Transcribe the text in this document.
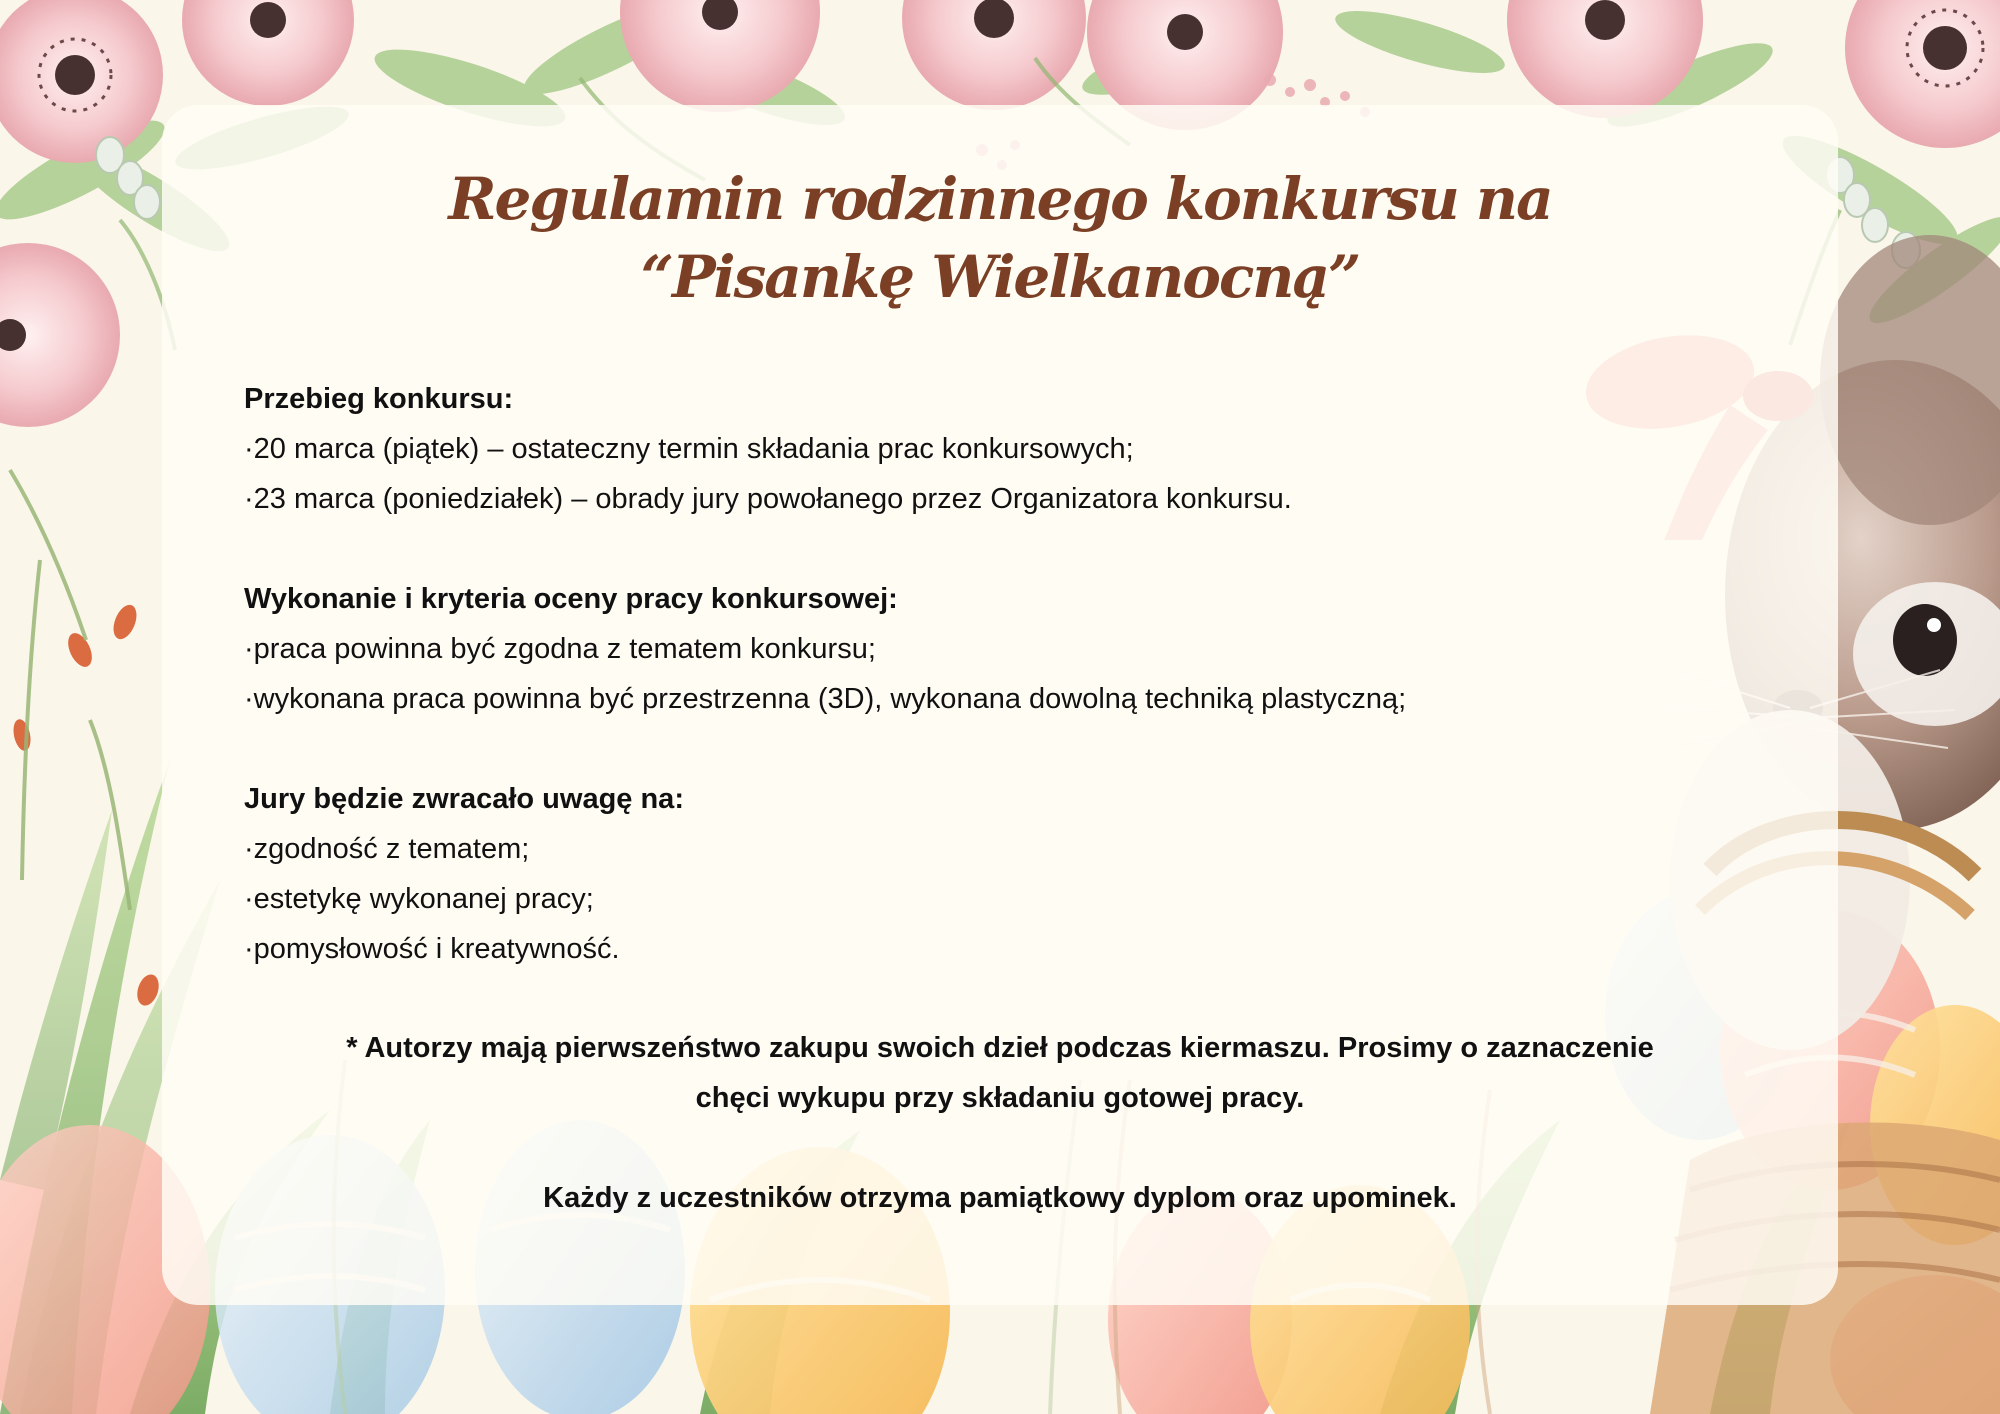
Regulamin rodzinnego konkursu na
“Pisankę Wielkanocną”
Przebieg konkursu:
·20 marca (piątek) – ostateczny termin składania prac konkursowych;
·23 marca (poniedziałek) – obrady jury powołanego przez Organizatora konkursu.
Wykonanie i kryteria oceny pracy konkursowej:
·praca powinna być zgodna z tematem konkursu;
·wykonana praca powinna być przestrzenna (3D), wykonana dowolną techniką plastyczną;
Jury będzie zwracało uwagę na:
·zgodność z tematem;
·estetykę wykonanej pracy;
·pomysłowość i kreatywność.
* Autorzy mają pierwszeństwo zakupu swoich dzieł podczas kiermaszu. Prosimy o zaznaczenie
chęci wykupu przy składaniu gotowej pracy.
Każdy z uczestników otrzyma pamiątkowy dyplom oraz upominek.
